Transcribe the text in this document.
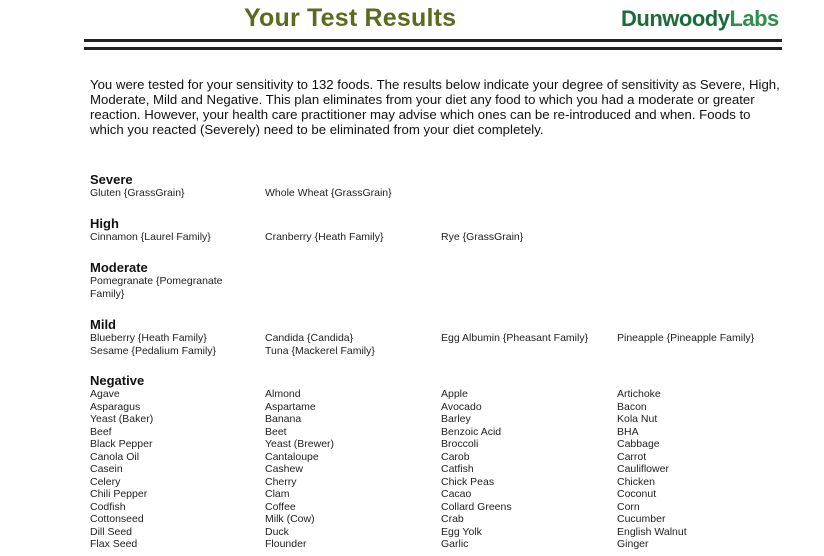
Your Test Results	DunwoodyLabs
You were tested for your sensitivity to 132 foods. The results below indicate your degree of sensitivity as Severe, High, Moderate, Mild and Negative. This plan eliminates from your diet any food to which you had a moderate or greater reaction. However, your health care practitioner may advise which ones can be re-introduced and when. Foods to which you reacted (Severely) need to be eliminated from your diet completely.
Severe
Gluten {GrassGrain}	Whole Wheat {GrassGrain}
High
Cinnamon {Laurel Family}	Cranberry {Heath Family}	Rye {GrassGrain}
Moderate
Pomegranate {Pomegranate Family}
Mild
Blueberry {Heath Family}	Candida {Candida}	Egg Albumin {Pheasant Family}	Pineapple {Pineapple Family}
Sesame {Pedalium Family}	Tuna {Mackerel Family}
Negative
Agave	Almond	Apple	Artichoke
Asparagus	Aspartame	Avocado	Bacon
Yeast (Baker)	Banana	Barley	Kola Nut
Beef	Beet	Benzoic Acid	BHA
Black Pepper	Yeast (Brewer)	Broccoli	Cabbage
Canola Oil	Cantaloupe	Carob	Carrot
Casein	Cashew	Catfish	Cauliflower
Celery	Cherry	Chick Peas	Chicken
Chili Pepper	Clam	Cacao	Coconut
Codfish	Coffee	Collard Greens	Corn
Cottonseed	Milk (Cow)	Crab	Cucumber
Dill Seed	Duck	Egg Yolk	English Walnut
Flax Seed	Flounder	Garlic	Ginger
